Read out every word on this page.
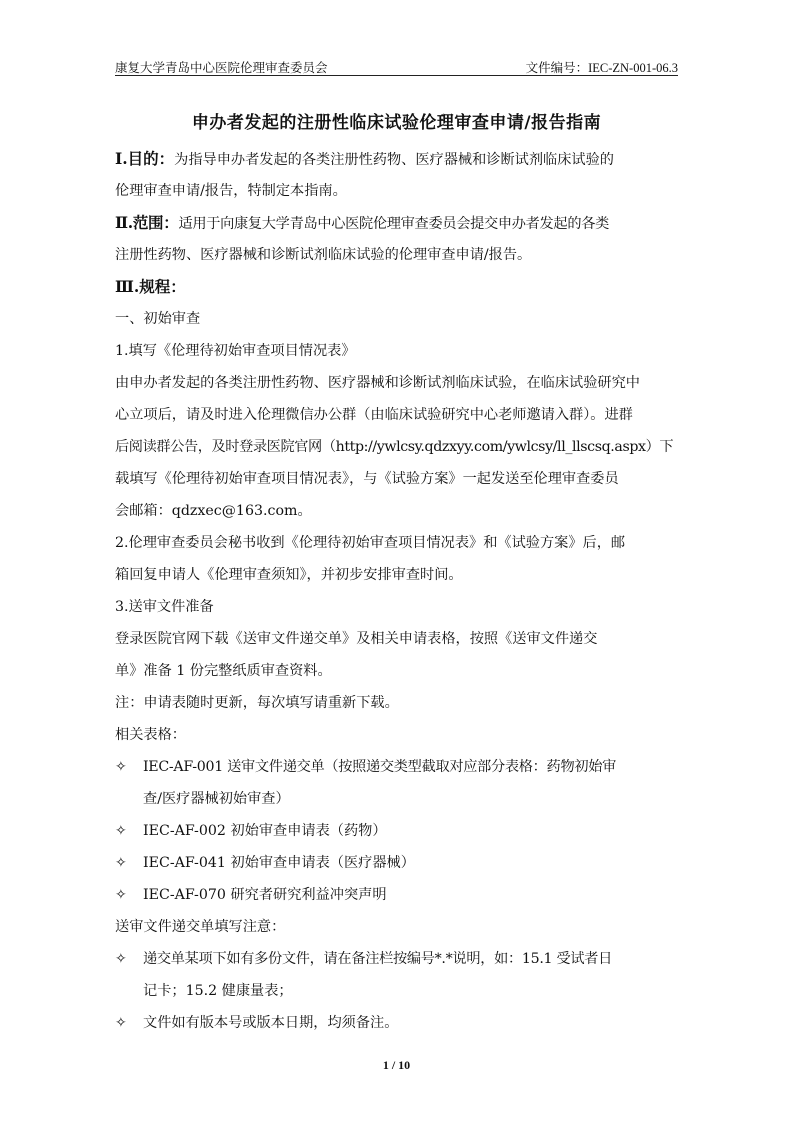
康复大学青岛中心医院伦理审查委员会	文件编号：IEC-ZN-001-06.3
申办者发起的注册性临床试验伦理审查申请/报告指南
Ⅰ.目的：为指导申办者发起的各类注册性药物、医疗器械和诊断试剂临床试验的
伦理审查申请/报告，特制定本指南。
Ⅱ.范围：适用于向康复大学青岛中心医院伦理审查委员会提交申办者发起的各类
注册性药物、医疗器械和诊断试剂临床试验的伦理审查申请/报告。
Ⅲ.规程：
一、初始审查
1.填写《伦理待初始审查项目情况表》
由申办者发起的各类注册性药物、医疗器械和诊断试剂临床试验，在临床试验研究中
心立项后，请及时进入伦理微信办公群（由临床试验研究中心老师邀请入群）。进群
后阅读群公告，及时登录医院官网（http://ywlcsy.qdzxyy.com/ywlcsy/ll_llscsq.aspx）下
载填写《伦理待初始审查项目情况表》，与《试验方案》一起发送至伦理审查委员
会邮箱：qdzxec@163.com。
2.伦理审查委员会秘书收到《伦理待初始审查项目情况表》和《试验方案》后，邮
箱回复申请人《伦理审查须知》，并初步安排审查时间。
3.送审文件准备
登录医院官网下载《送审文件递交单》及相关申请表格，按照《送审文件递交
单》准备 1 份完整纸质审查资料。
注：申请表随时更新，每次填写请重新下载。
相关表格：
✧ IEC-AF-001 送审文件递交单（按照递交类型截取对应部分表格：药物初始审
查/医疗器械初始审查）
✧ IEC-AF-002 初始审查申请表（药物）
✧ IEC-AF-041 初始审查申请表（医疗器械）
✧ IEC-AF-070 研究者研究利益冲突声明
送审文件递交单填写注意：
✧ 递交单某项下如有多份文件，请在备注栏按编号*.*说明，如：15.1 受试者日
记卡；15.2 健康量表；
✧ 文件如有版本号或版本日期，均须备注。
1 / 10
